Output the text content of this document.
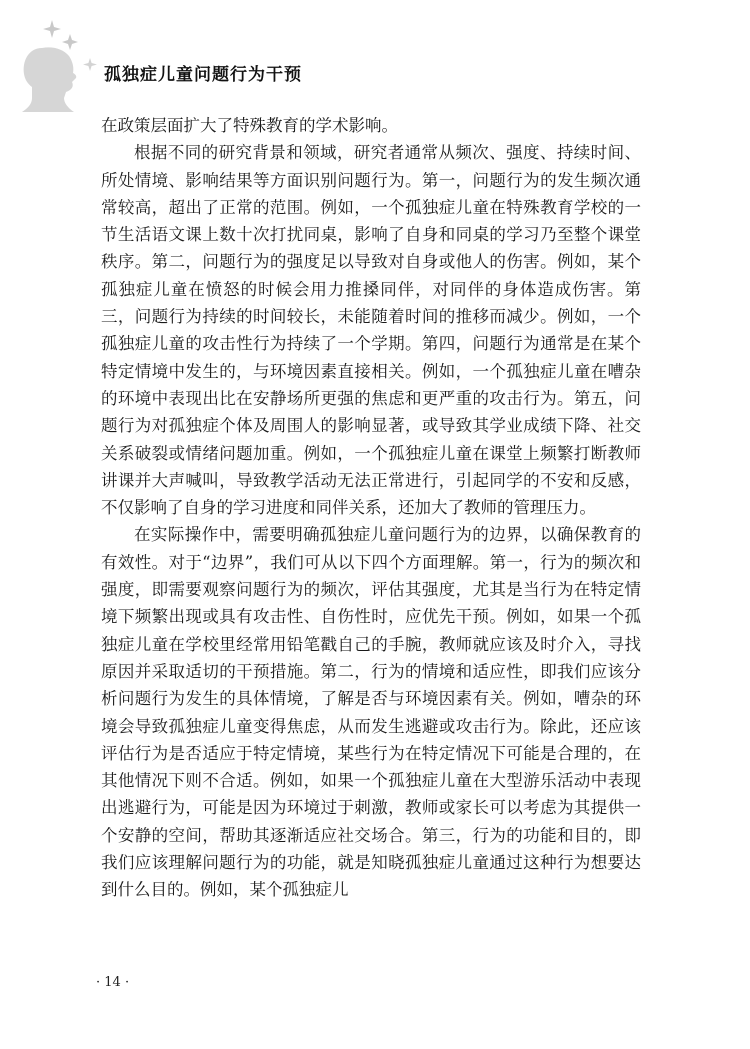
孤独症儿童问题行为干预

在政策层面扩大了特殊教育的学术影响。

根据不同的研究背景和领域，研究者通常从频次、强度、持续时间、所处情境、影响结果等方面识别问题行为。第一，问题行为的发生频次通常较高，超出了正常的范围。例如，一个孤独症儿童在特殊教育学校的一节生活语文课上数十次打扰同桌，影响了自身和同桌的学习乃至整个课堂秩序。第二，问题行为的强度足以导致对自身或他人的伤害。例如，某个孤独症儿童在愤怒的时候会用力推搡同伴，对同伴的身体造成伤害。第三，问题行为持续的时间较长，未能随着时间的推移而减少。例如，一个孤独症儿童的攻击性行为持续了一个学期。第四，问题行为通常是在某个特定情境中发生的，与环境因素直接相关。例如，一个孤独症儿童在嘈杂的环境中表现出比在安静场所更强的焦虑和更严重的攻击行为。第五，问题行为对孤独症个体及周围人的影响显著，或导致其学业成绩下降、社交关系破裂或情绪问题加重。例如，一个孤独症儿童在课堂上频繁打断教师讲课并大声喊叫，导致教学活动无法正常进行，引起同学的不安和反感，不仅影响了自身的学习进度和同伴关系，还加大了教师的管理压力。

在实际操作中，需要明确孤独症儿童问题行为的边界，以确保教育的有效性。对于“边界”，我们可从以下四个方面理解。第一，行为的频次和强度，即需要观察问题行为的频次，评估其强度，尤其是当行为在特定情境下频繁出现或具有攻击性、自伤性时，应优先干预。例如，如果一个孤独症儿童在学校里经常用铅笔戳自己的手腕，教师就应该及时介入，寻找原因并采取适切的干预措施。第二，行为的情境和适应性，即我们应该分析问题行为发生的具体情境，了解是否与环境因素有关。例如，嘈杂的环境会导致孤独症儿童变得焦虑，从而发生逃避或攻击行为。除此，还应该评估行为是否适应于特定情境，某些行为在特定情况下可能是合理的，在其他情况下则不合适。例如，如果一个孤独症儿童在大型游乐活动中表现出逃避行为，可能是因为环境过于刺激，教师或家长可以考虑为其提供一个安静的空间，帮助其逐渐适应社交场合。第三，行为的功能和目的，即我们应该理解问题行为的功能，就是知晓孤独症儿童通过这种行为想要达到什么目的。例如，某个孤独症儿

· 14 ·
